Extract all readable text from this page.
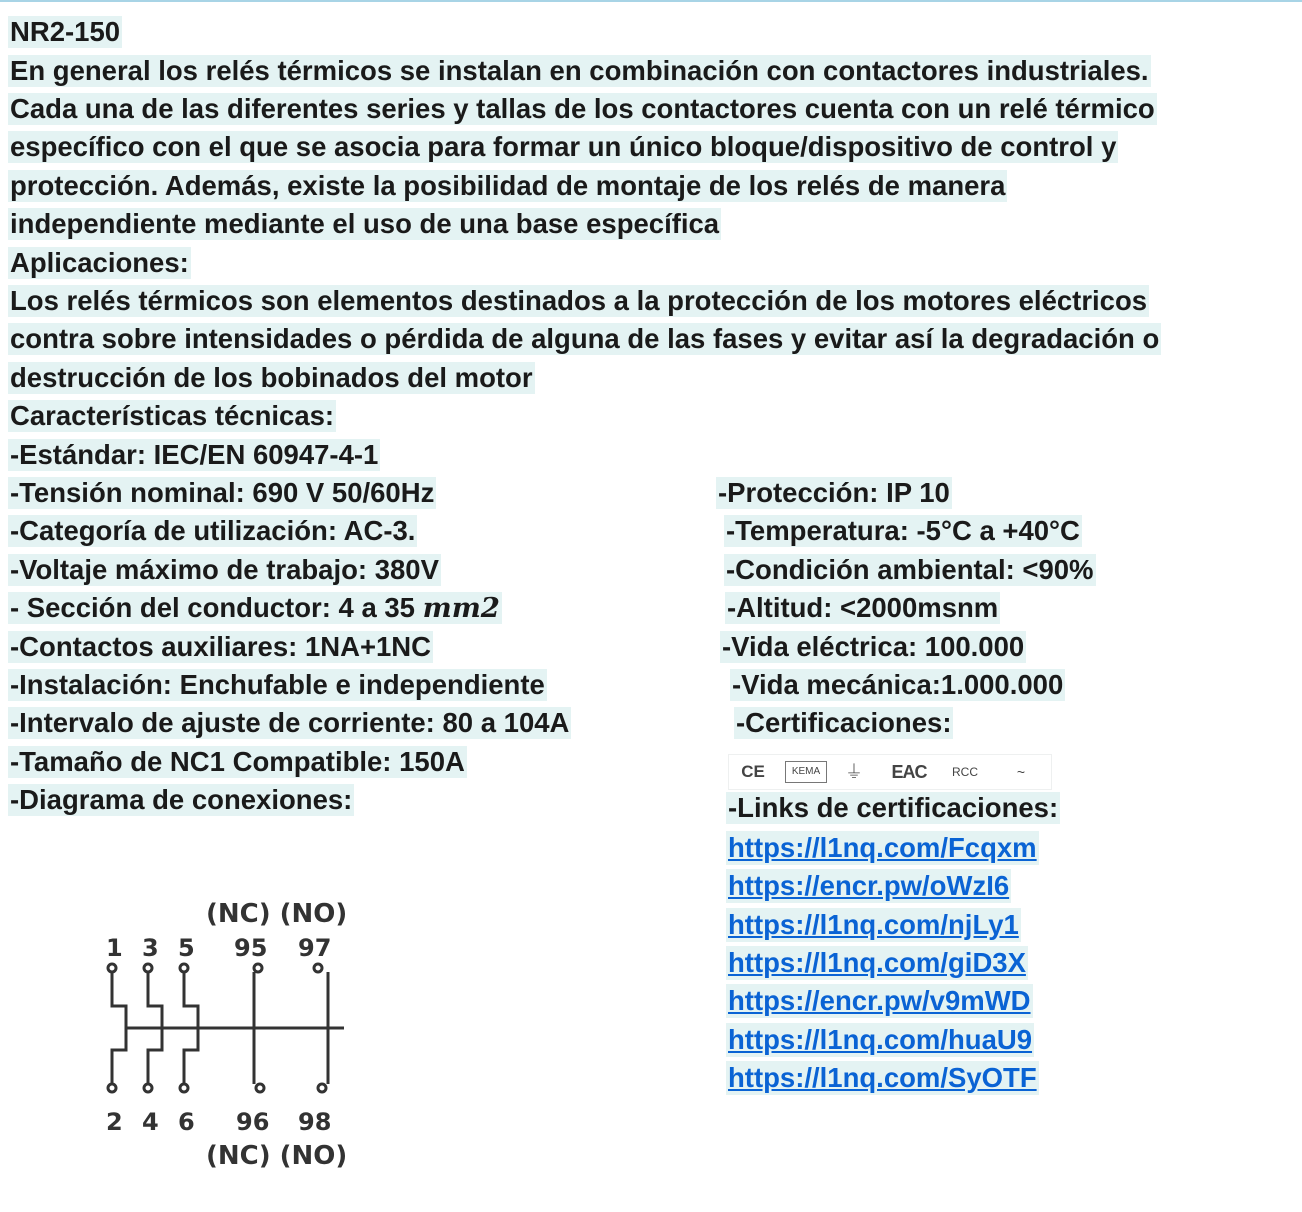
NR2-150
En general los relés térmicos se instalan en combinación con contactores industriales.
Cada una de las diferentes series y tallas de los contactores cuenta con un relé térmico
específico con el que se asocia para formar un único bloque/dispositivo de control y
protección. Además, existe la posibilidad de montaje de los relés de manera
independiente mediante el uso de una base específica
Aplicaciones:
Los relés térmicos son elementos destinados a la protección de los motores eléctricos
contra sobre intensidades o pérdida de alguna de las fases y evitar así la degradación o
destrucción de los bobinados del motor
Características técnicas:
-Estándar: IEC/EN 60947-4-1
-Tensión nominal: 690 V 50/60Hz
-Categoría de utilización: AC-3.
-Voltaje máximo de trabajo: 380V
- Sección del conductor: 4 a 35 mm2
-Contactos auxiliares: 1NA+1NC
-Instalación: Enchufable e independiente
-Intervalo de ajuste de corriente: 80 a 104A
-Tamaño de NC1 Compatible: 150A
-Diagrama de conexiones:
-Protección: IP 10
-Temperatura: -5°C a +40°C
-Condición ambiental: <90%
-Altitud: <2000msnm
-Vida eléctrica: 100.000
-Vida mecánica:1.000.000
-Certificaciones:
CE	KEMA	⏚	EAC	RCC	~
-Links de certificaciones:
https://l1nq.com/Fcqxm
https://encr.pw/oWzI6
https://l1nq.com/njLy1
https://l1nq.com/giD3X
https://encr.pw/v9mWD
https://l1nq.com/huaU9
https://l1nq.com/SyOTF
(NC) (NO)
1 3 5 95 97
2 4 6 96 98
(NC) (NO)
